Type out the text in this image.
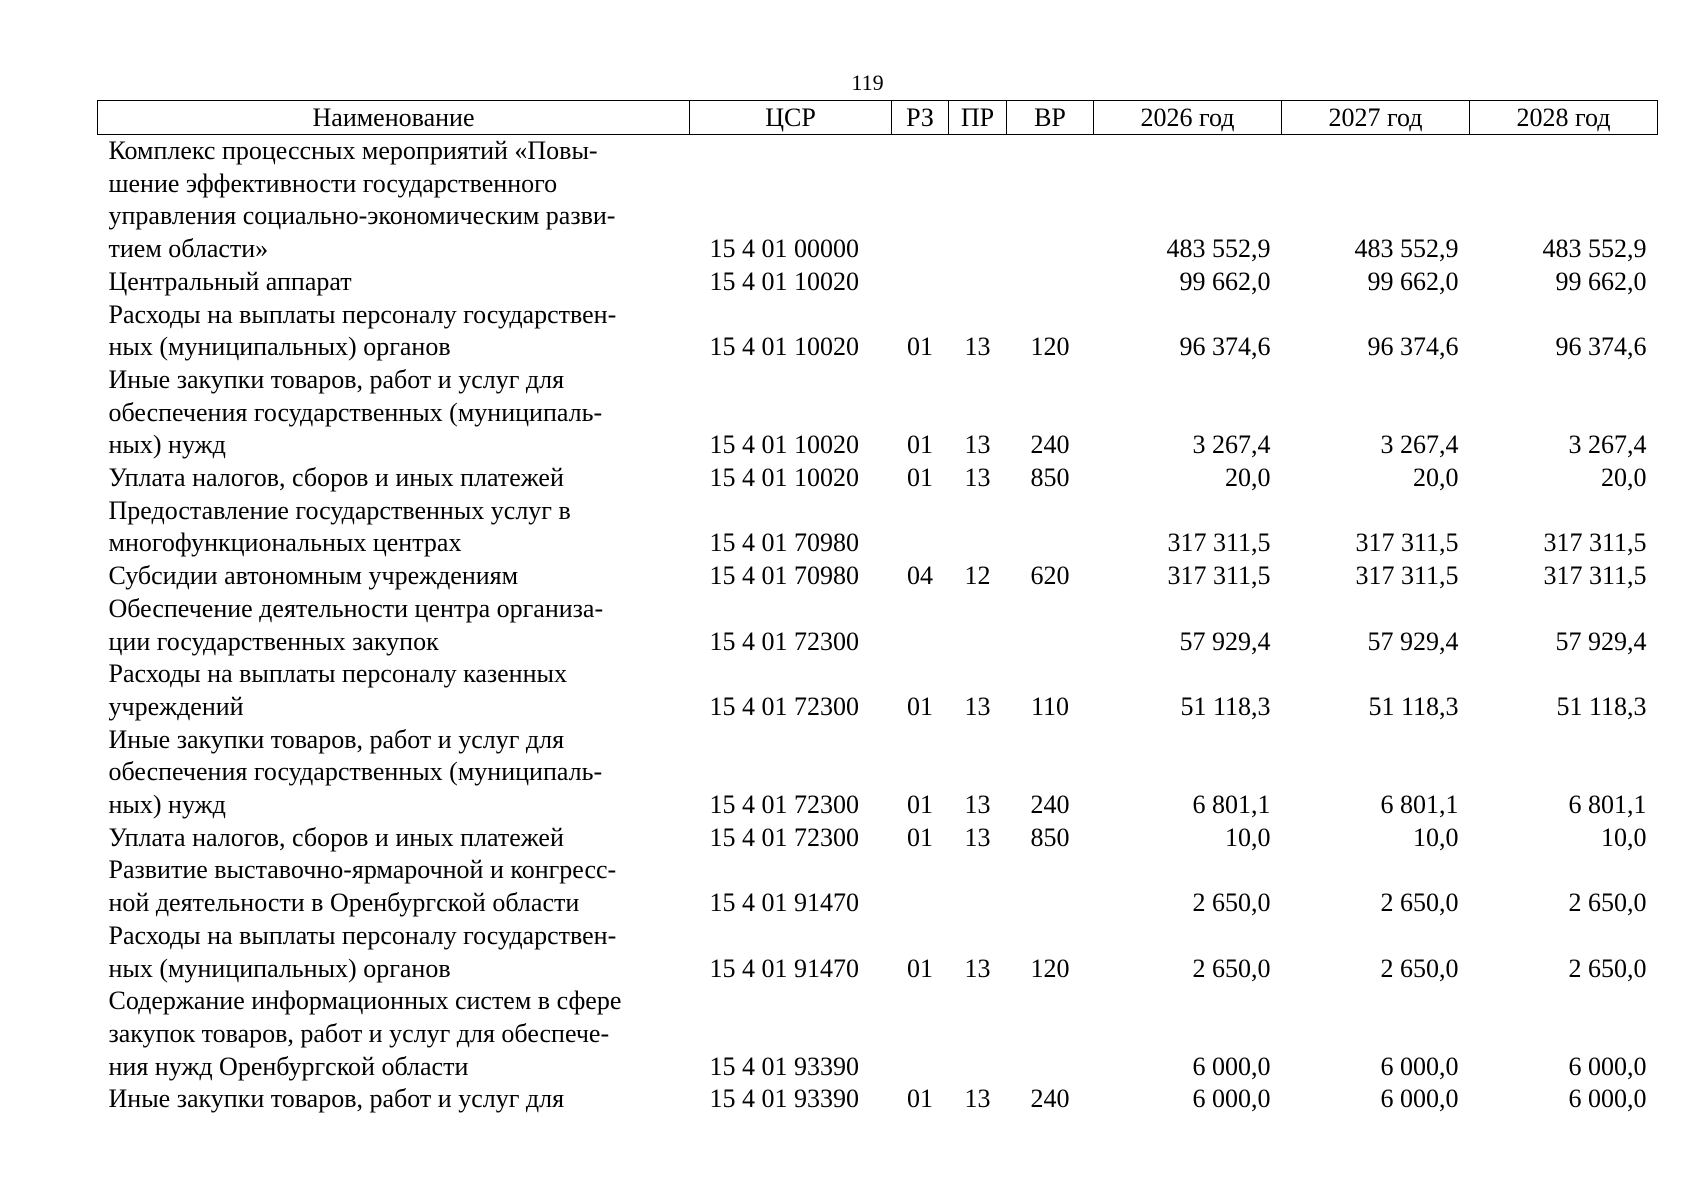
119
Наименование	ЦСР	РЗ	ПР	ВР	2026 год	2027 год	2028 год

Комплекс процессных мероприятий «Повы-
шение эффективности государственного
управления социально-экономическим разви-
тием области»	15 4 01 00000				483 552,9	483 552,9	483 552,9

Центральный аппарат	15 4 01 10020				99 662,0	99 662,0	99 662,0

Расходы на выплаты персоналу государствен-
ных (муниципальных) органов	15 4 01 10020	01	13	120	96 374,6	96 374,6	96 374,6

Иные закупки товаров, работ и услуг для
обеспечения государственных (муниципаль-
ных) нужд	15 4 01 10020	01	13	240	3 267,4	3 267,4	3 267,4

Уплата налогов, сборов и иных платежей	15 4 01 10020	01	13	850	20,0	20,0	20,0

Предоставление государственных услуг в
многофункциональных центрах	15 4 01 70980				317 311,5	317 311,5	317 311,5

Субсидии автономным учреждениям	15 4 01 70980	04	12	620	317 311,5	317 311,5	317 311,5

Обеспечение деятельности центра организа-
ции государственных закупок	15 4 01 72300				57 929,4	57 929,4	57 929,4

Расходы на выплаты персоналу казенных
учреждений	15 4 01 72300	01	13	110	51 118,3	51 118,3	51 118,3

Иные закупки товаров, работ и услуг для
обеспечения государственных (муниципаль-
ных) нужд	15 4 01 72300	01	13	240	6 801,1	6 801,1	6 801,1

Уплата налогов, сборов и иных платежей	15 4 01 72300	01	13	850	10,0	10,0	10,0

Развитие выставочно-ярмарочной и конгресс-
ной деятельности в Оренбургской области	15 4 01 91470				2 650,0	2 650,0	2 650,0

Расходы на выплаты персоналу государствен-
ных (муниципальных) органов	15 4 01 91470	01	13	120	2 650,0	2 650,0	2 650,0

Содержание информационных систем в сфере
закупок товаров, работ и услуг для обеспече-
ния нужд Оренбургской области	15 4 01 93390				6 000,0	6 000,0	6 000,0

Иные закупки товаров, работ и услуг для	15 4 01 93390	01	13	240	6 000,0	6 000,0	6 000,0
